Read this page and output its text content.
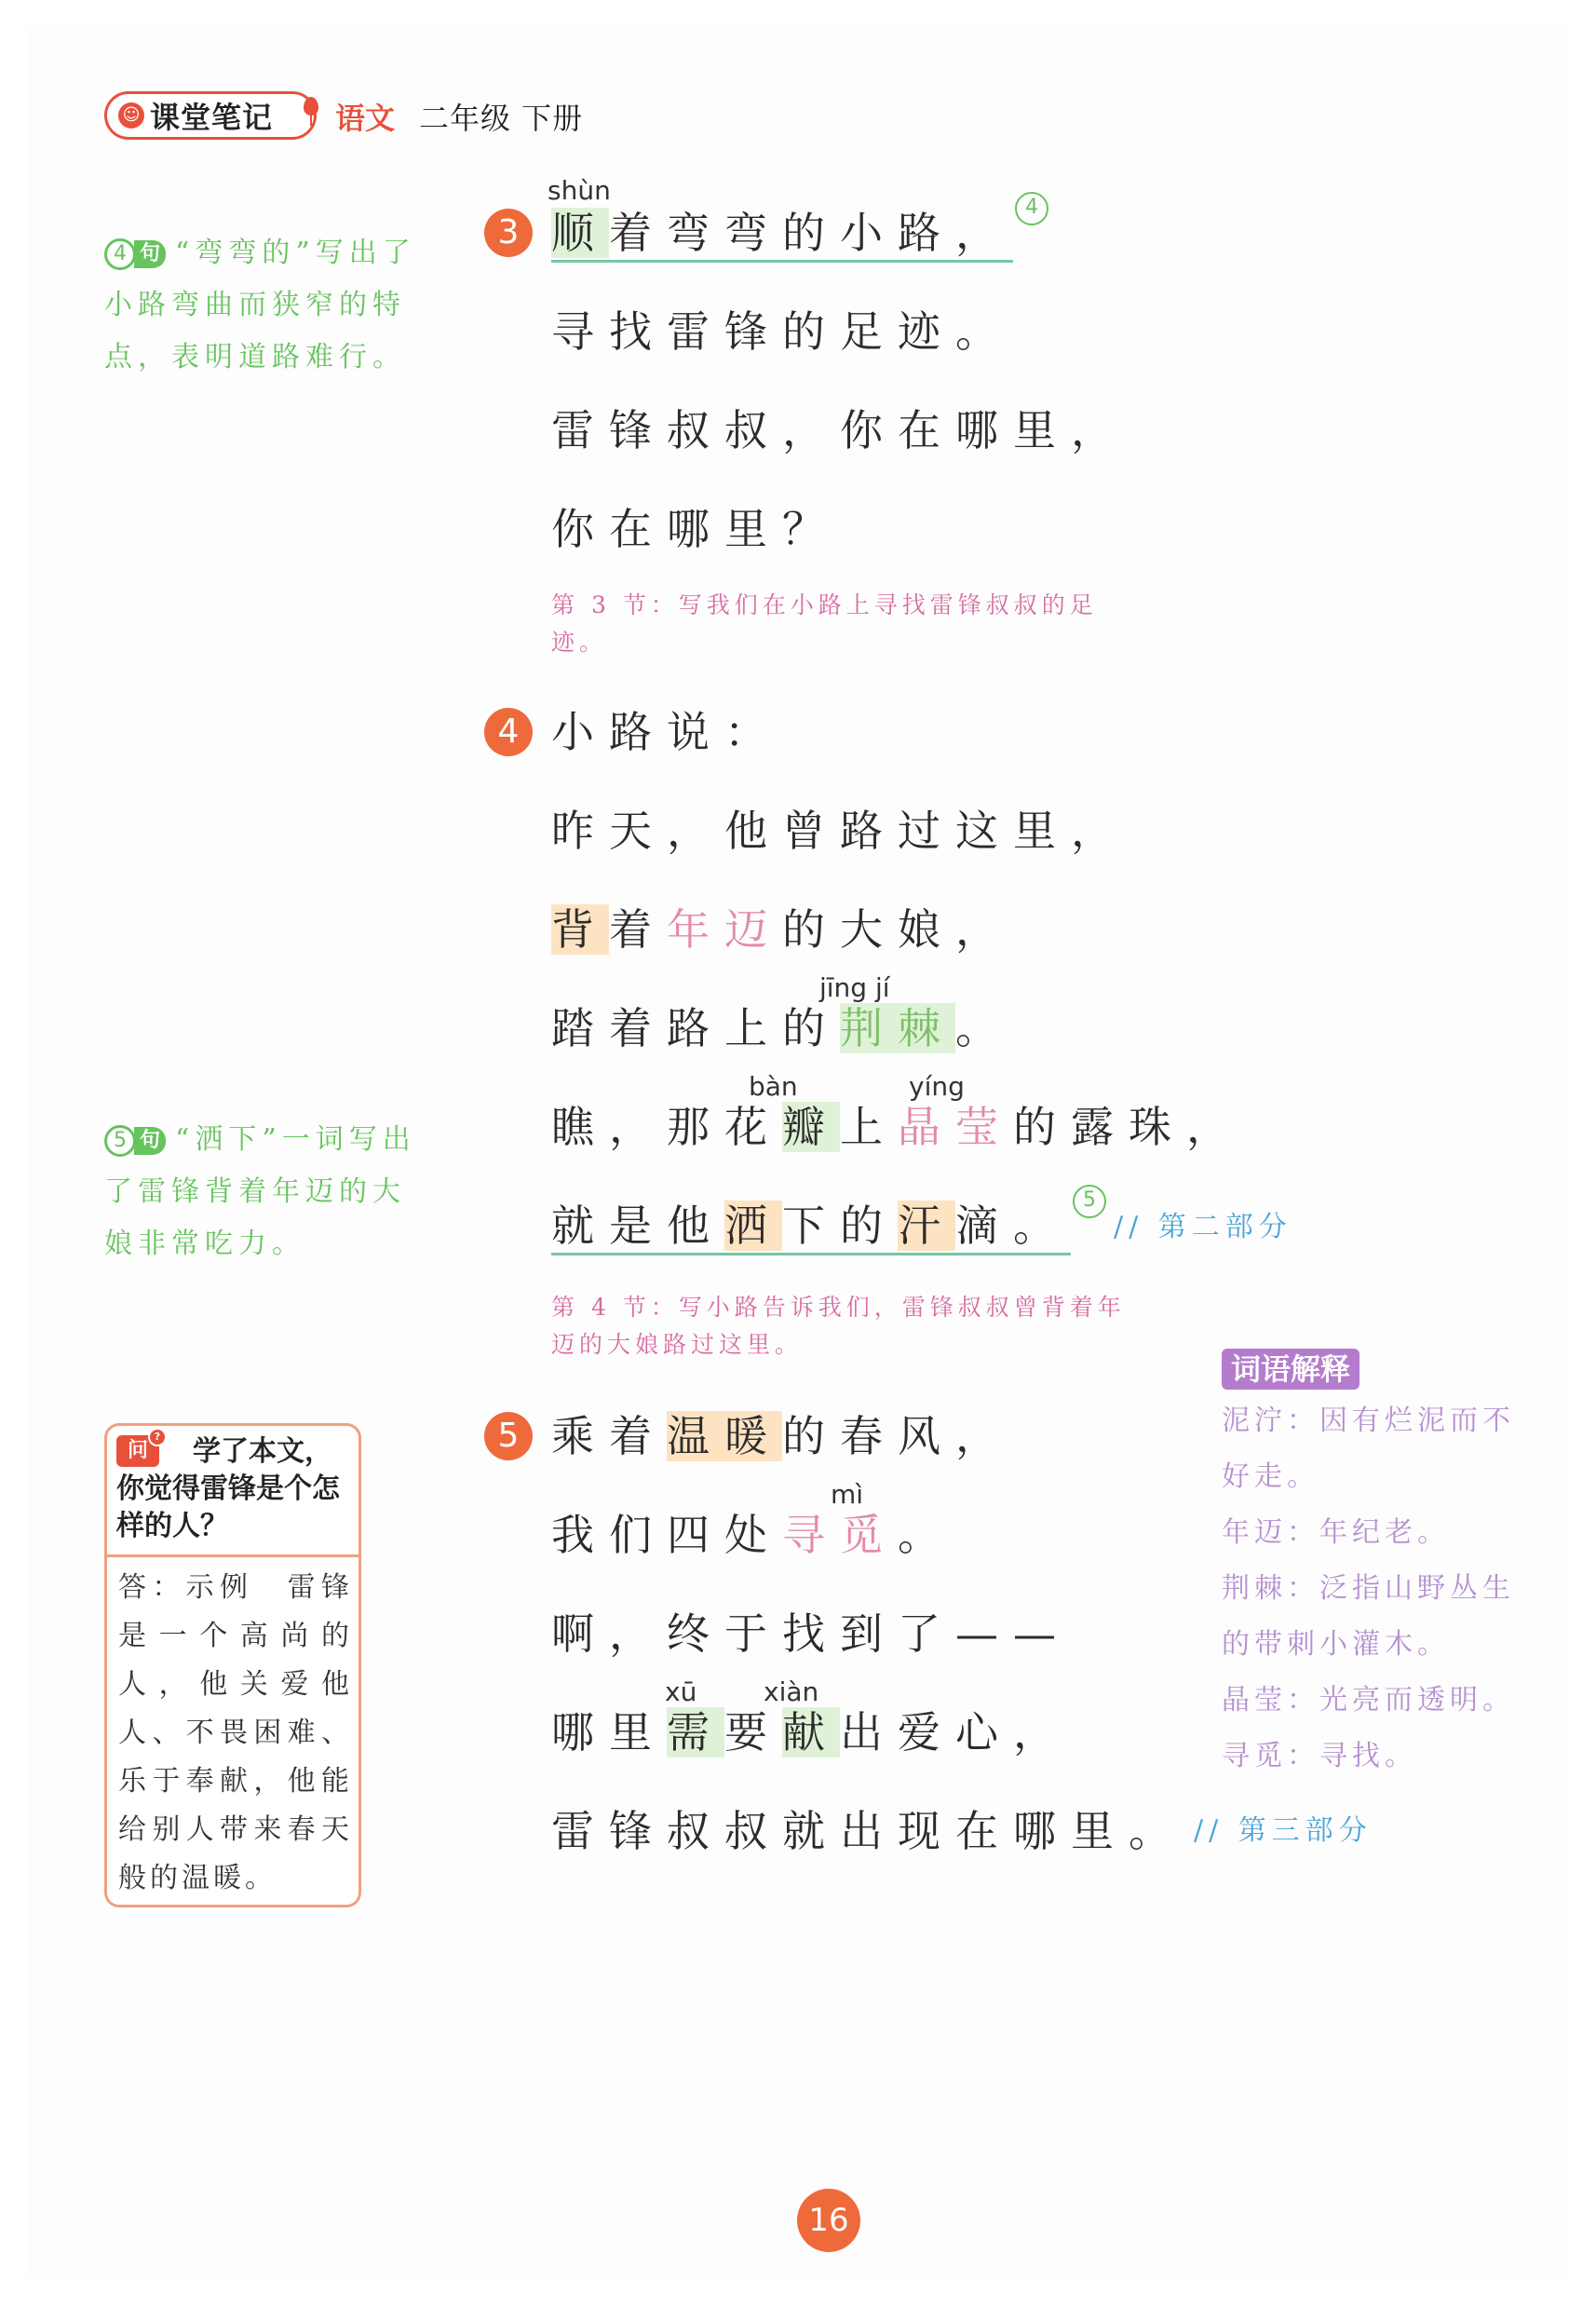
☺ 课堂笔记 语文 二年级 下册
4 句 “弯弯的”写出了小路弯曲而狭窄的特点，表明道路难行。
5 句 “洒下”一词写出了雷锋背着年迈的大娘非常吃力。
学了本文，你觉得雷锋是个怎样的人？
问 ?
答：示例　雷锋是一个高尚的人，他关爱他人、不畏困难、乐于奉献，他能给别人带来春天般的温暖。
3
shùn
顺着弯弯的小路，4
寻找雷锋的足迹。
雷锋叔叔，你在哪里，
你在哪里？
第 3 节：写我们在小路上寻找雷锋叔叔的足迹。
4 小路说：
昨天，他曾路过这里，
背着年迈的大娘，
jīng jí
踏着路上的荆棘。
bàn	yíng
瞧，那花瓣上晶莹的露珠，
就是他洒下的汗滴。5// 第二部分
第 4 节：写小路告诉我们，雷锋叔叔曾背着年迈的大娘路过这里。
5 乘着温暖的春风，
mì
我们四处寻觅。
啊，终于找到了——
xū	xiàn
哪里需要献出爱心，
雷锋叔叔就出现在哪里。 // 第三部分
词语解释
泥泞：因有烂泥而不好走。
年迈：年纪老。
荆棘：泛指山野丛生的带刺小灌木。
晶莹：光亮而透明。
寻觅：寻找。
16
